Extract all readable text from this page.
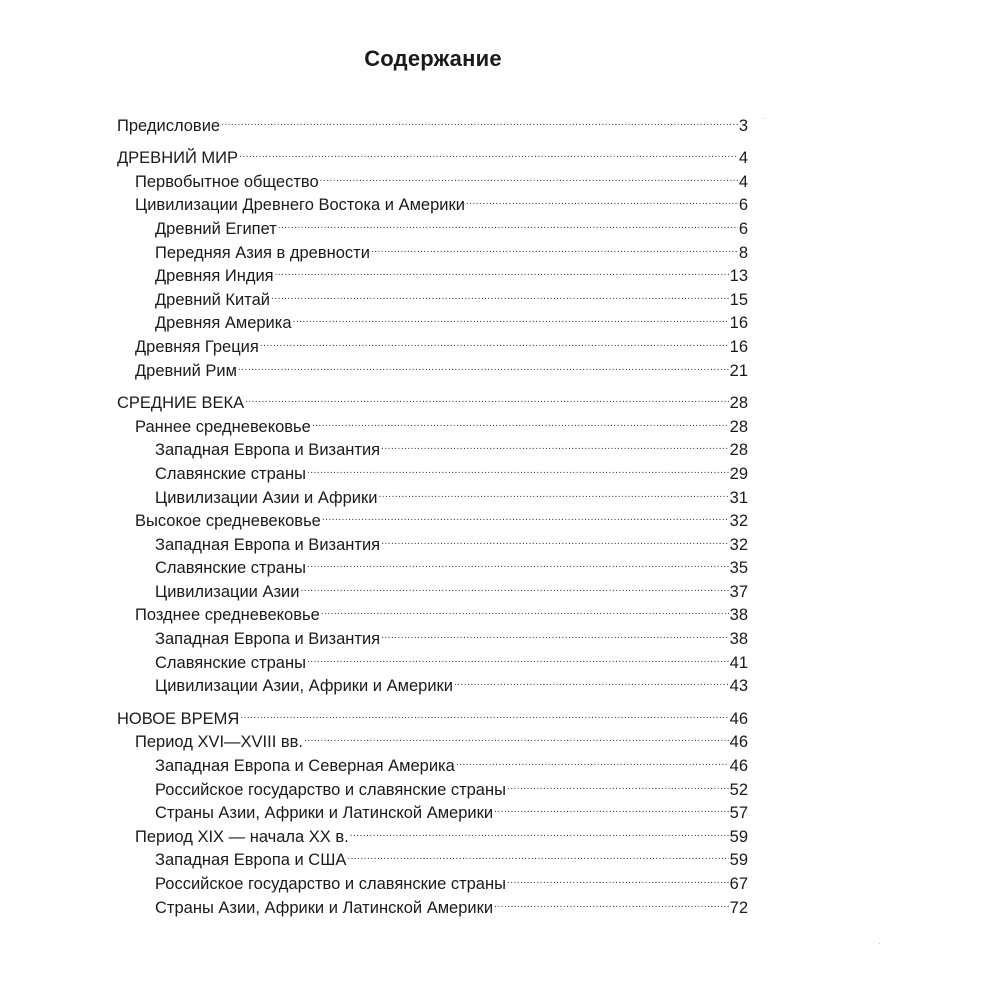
Содержание
Предисловие .....	3
ДРЕВНИЙ МИР .....	4
Первобытное общество .....	4
Цивилизации Древнего Востока и Америки .....	6
Древний Египет .....	6
Передняя Азия в древности .....	8
Древняя Индия .....	13
Древний Китай .....	15
Древняя Америка .....	16
Древняя Греция .....	16
Древний Рим .....	21
СРЕДНИЕ ВЕКА .....	28
Раннее средневековье .....	28
Западная Европа и Византия .....	28
Славянские страны .....	29
Цивилизации Азии и Африки .....	31
Высокое средневековье .....	32
Западная Европа и Византия .....	32
Славянские страны .....	35
Цивилизации Азии .....	37
Позднее средневековье .....	38
Западная Европа и Византия .....	38
Славянские страны .....	41
Цивилизации Азии, Африки и Америки .....	43
НОВОЕ ВРЕМЯ .....	46
Период XVI—XVIII вв. .....	46
Западная Европа и Северная Америка .....	46
Российское государство и славянские страны .....	52
Страны Азии, Африки и Латинской Америки .....	57
Период XIX — начала XX в. .....	59
Западная Европа и США .....	59
Российское государство и славянские страны .....	67
Страны Азии, Африки и Латинской Америки .....	72
·
·
